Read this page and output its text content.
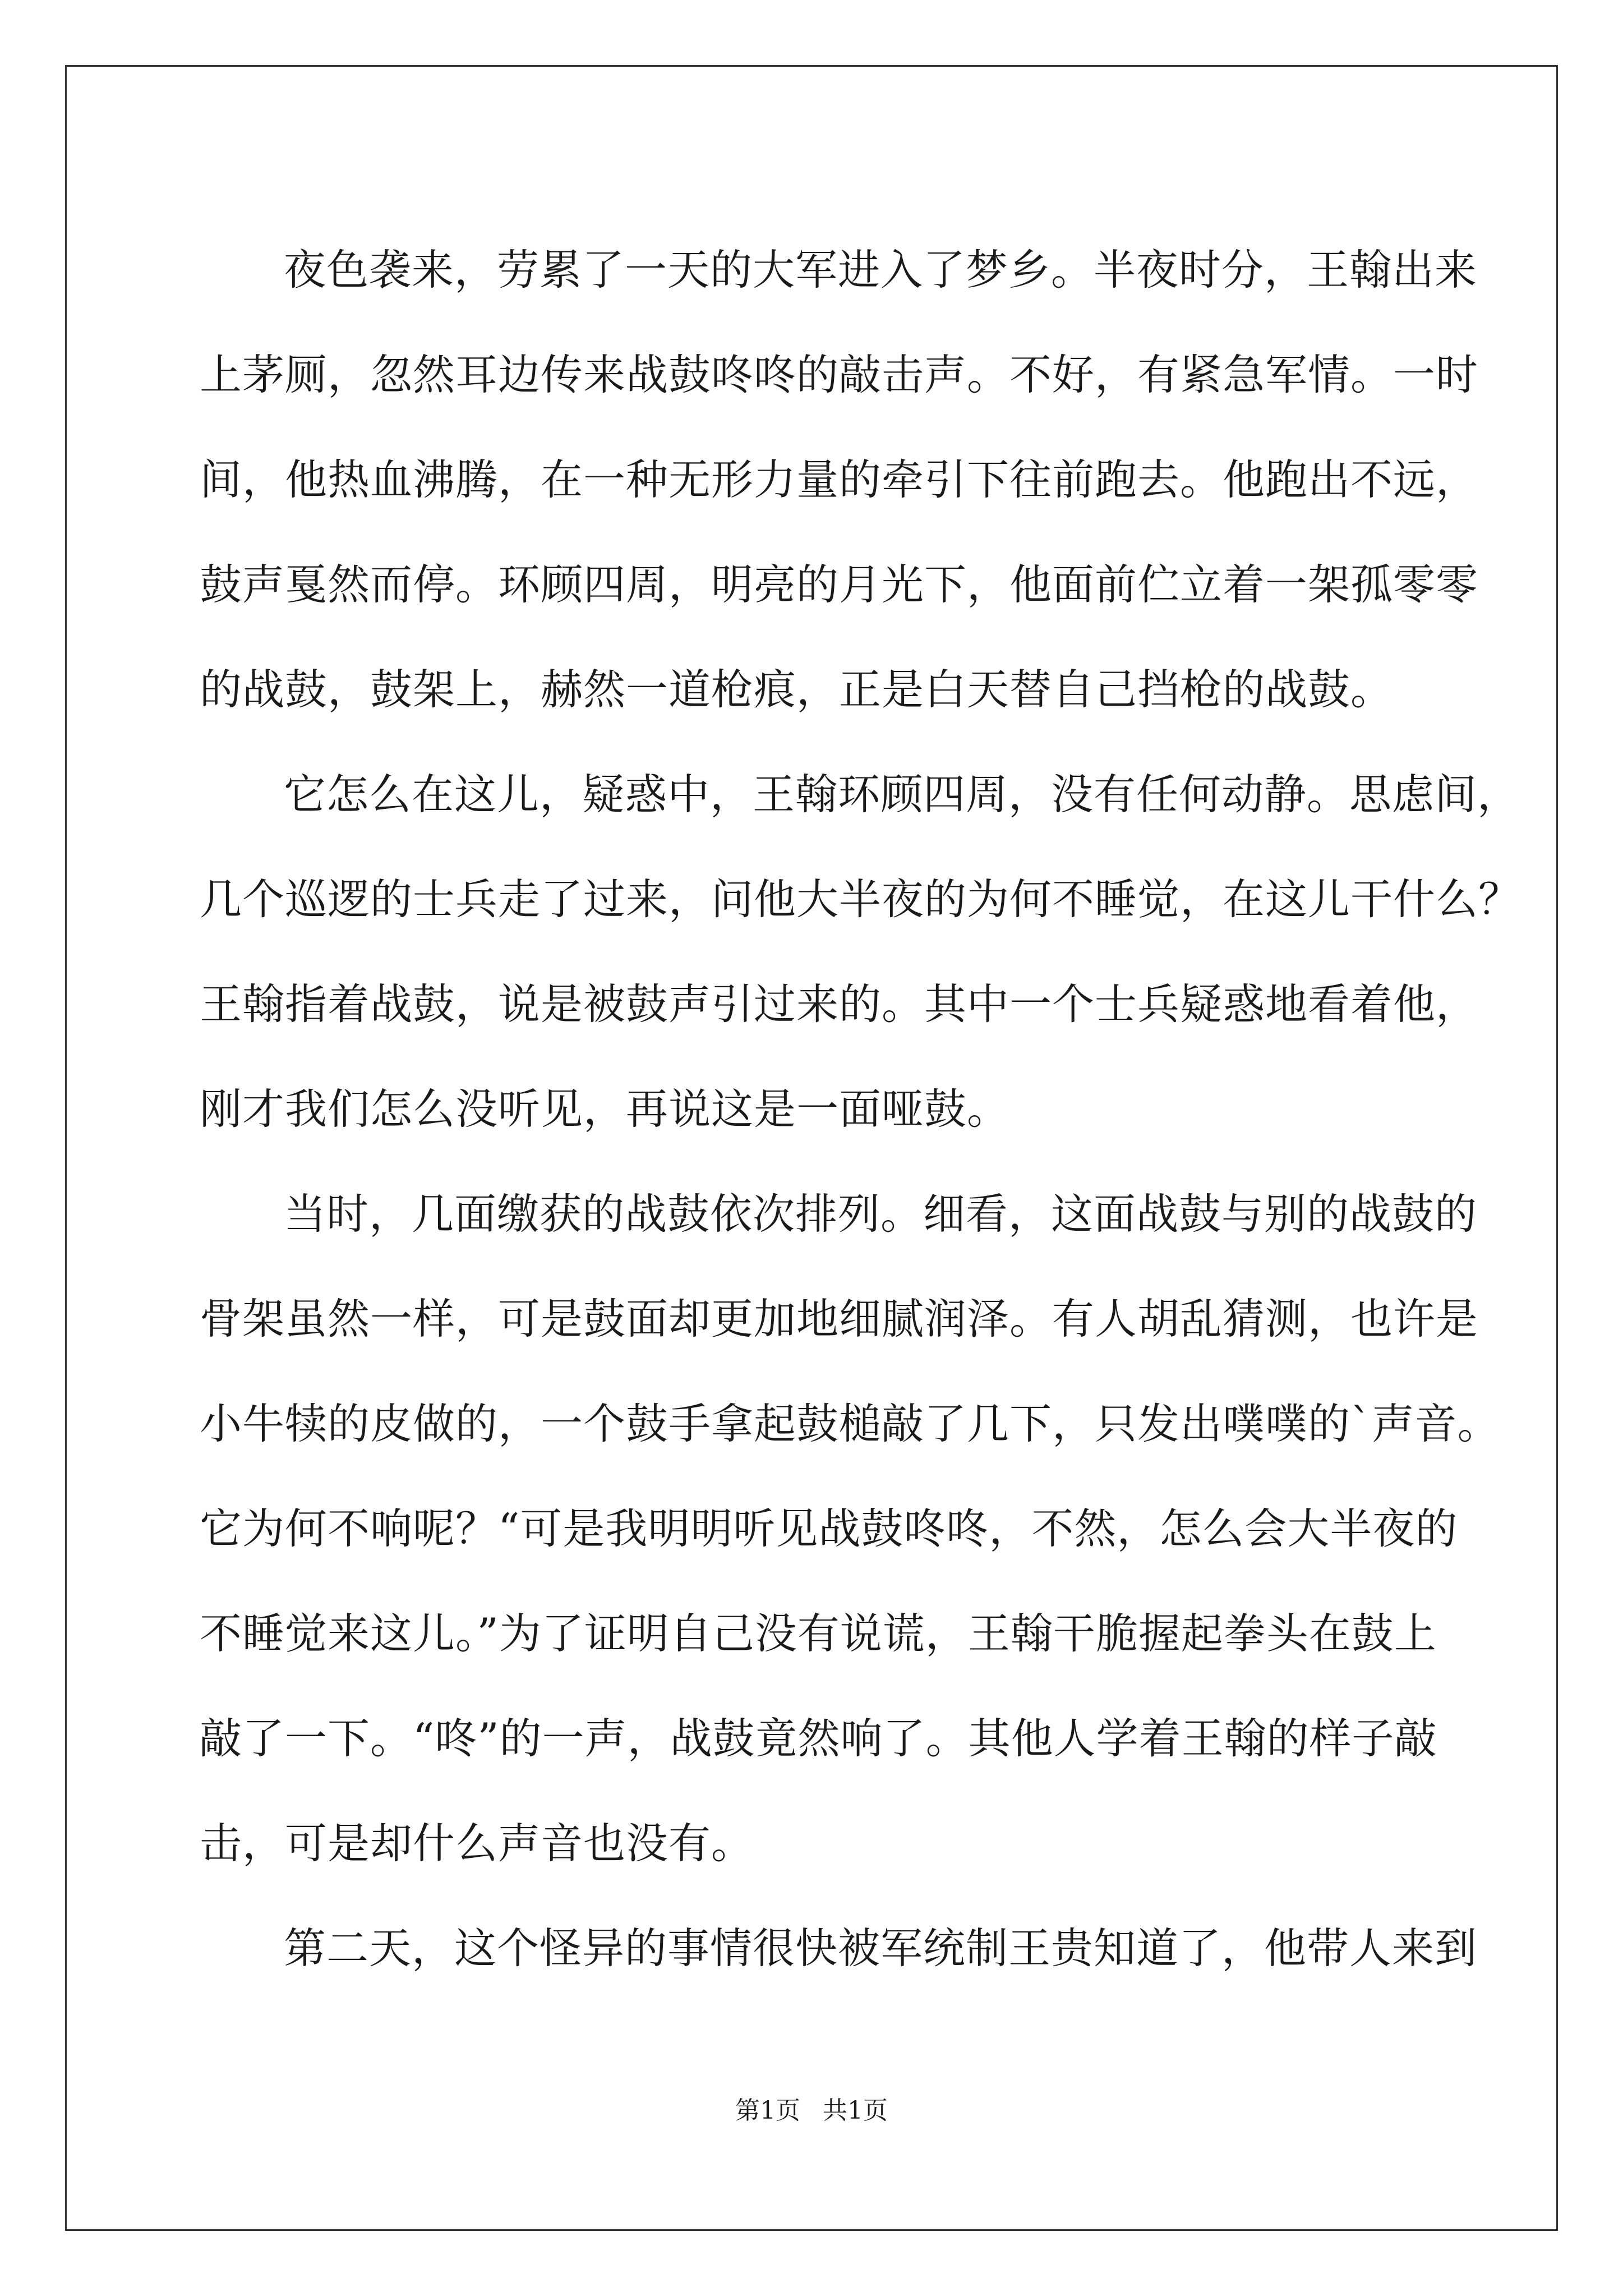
夜色袭来，劳累了一天的大军进入了梦乡。半夜时分，王翰出来
上茅厕，忽然耳边传来战鼓咚咚的敲击声。不好，有紧急军情。一时
间，他热血沸腾，在一种无形力量的牵引下往前跑去。他跑出不远，
鼓声戛然而停。环顾四周，明亮的月光下，他面前伫立着一架孤零零
的战鼓，鼓架上，赫然一道枪痕，正是白天替自己挡枪的战鼓。
它怎么在这儿，疑惑中，王翰环顾四周，没有任何动静。思虑间，
几个巡逻的士兵走了过来，问他大半夜的为何不睡觉，在这儿干什么？
王翰指着战鼓，说是被鼓声引过来的。其中一个士兵疑惑地看着他，
刚才我们怎么没听见，再说这是一面哑鼓。
当时，几面缴获的战鼓依次排列。细看，这面战鼓与别的战鼓的
骨架虽然一样，可是鼓面却更加地细腻润泽。有人胡乱猜测，也许是
小牛犊的皮做的，一个鼓手拿起鼓槌敲了几下，只发出噗噗的`声音。
它为何不响呢？“可是我明明听见战鼓咚咚，不然，怎么会大半夜的
不睡觉来这儿。”为了证明自己没有说谎，王翰干脆握起拳头在鼓上
敲了一下。“咚”的一声，战鼓竟然响了。其他人学着王翰的样子敲
击，可是却什么声音也没有。
第二天，这个怪异的事情很快被军统制王贵知道了，他带人来到
第1页 共1页
